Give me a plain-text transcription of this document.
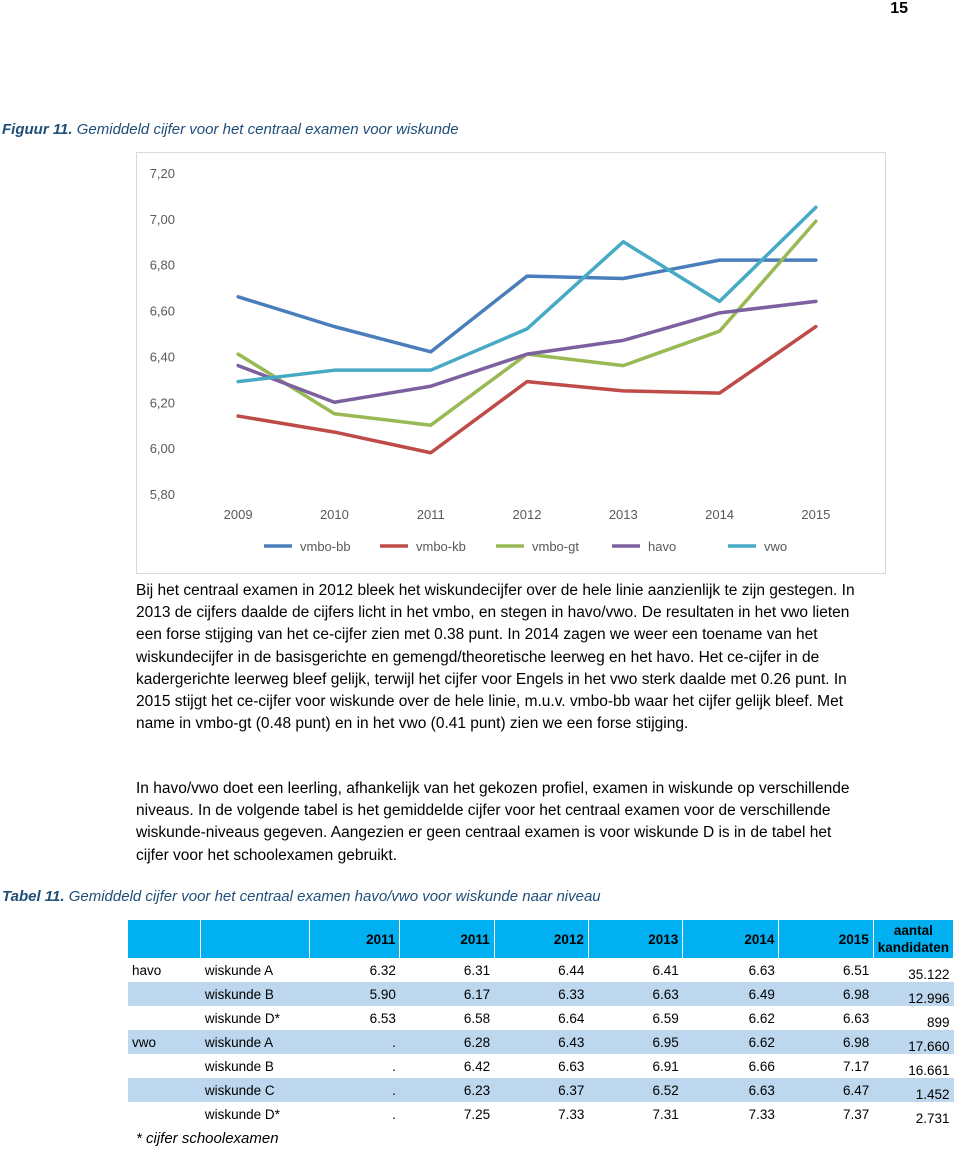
15
Figuur 11. Gemiddeld cijfer voor het centraal examen voor wiskunde
5,80
6,00
6,20
6,40
6,60
6,80
7,00
7,20
2009	2010	2011	2012	2013	2014	2015
vmbo-bb	vmbo-kb	vmbo-gt	havo	vwo

Bij het centraal examen in 2012 bleek het wiskundecijfer over de hele linie aanzienlijk te zijn gestegen. In 2013 de cijfers daalde de cijfers licht in het vmbo, en stegen in havo/vwo. De resultaten in het vwo lieten een forse stijging van het ce-cijfer zien met 0.38 punt. In 2014 zagen we weer een toename van het wiskundecijfer in de basisgerichte en gemengd/theoretische leerweg en het havo. Het ce-cijfer in de kadergerichte leerweg bleef gelijk, terwijl het cijfer voor Engels in het vwo sterk daalde met 0.26 punt. In 2015 stijgt het ce-cijfer voor wiskunde over de hele linie, m.u.v. vmbo-bb waar het cijfer gelijk bleef. Met name in vmbo-gt (0.48 punt) en in het vwo (0.41 punt) zien we een forse stijging.

In havo/vwo doet een leerling, afhankelijk van het gekozen profiel, examen in wiskunde op verschillende niveaus. In de volgende tabel is het gemiddelde cijfer voor het centraal examen voor de verschillende wiskunde-niveaus gegeven. Aangezien er geen centraal examen is voor wiskunde D is in de tabel het cijfer voor het schoolexamen gebruikt.

Tabel 11. Gemiddeld cijfer voor het centraal examen havo/vwo voor wiskunde naar niveau
		2011	2011	2012	2013	2014	2015	aantal kandidaten
havo	wiskunde A	6.32	6.31	6.44	6.41	6.63	6.51	35.122
	wiskunde B	5.90	6.17	6.33	6.63	6.49	6.98	12.996
	wiskunde D*	6.53	6.58	6.64	6.59	6.62	6.63	899
vwo	wiskunde A	.	6.28	6.43	6.95	6.62	6.98	17.660
	wiskunde B	.	6.42	6.63	6.91	6.66	7.17	16.661
	wiskunde C	.	6.23	6.37	6.52	6.63	6.47	1.452
	wiskunde D*	.	7.25	7.33	7.31	7.33	7.37	2.731
* cijfer schoolexamen
